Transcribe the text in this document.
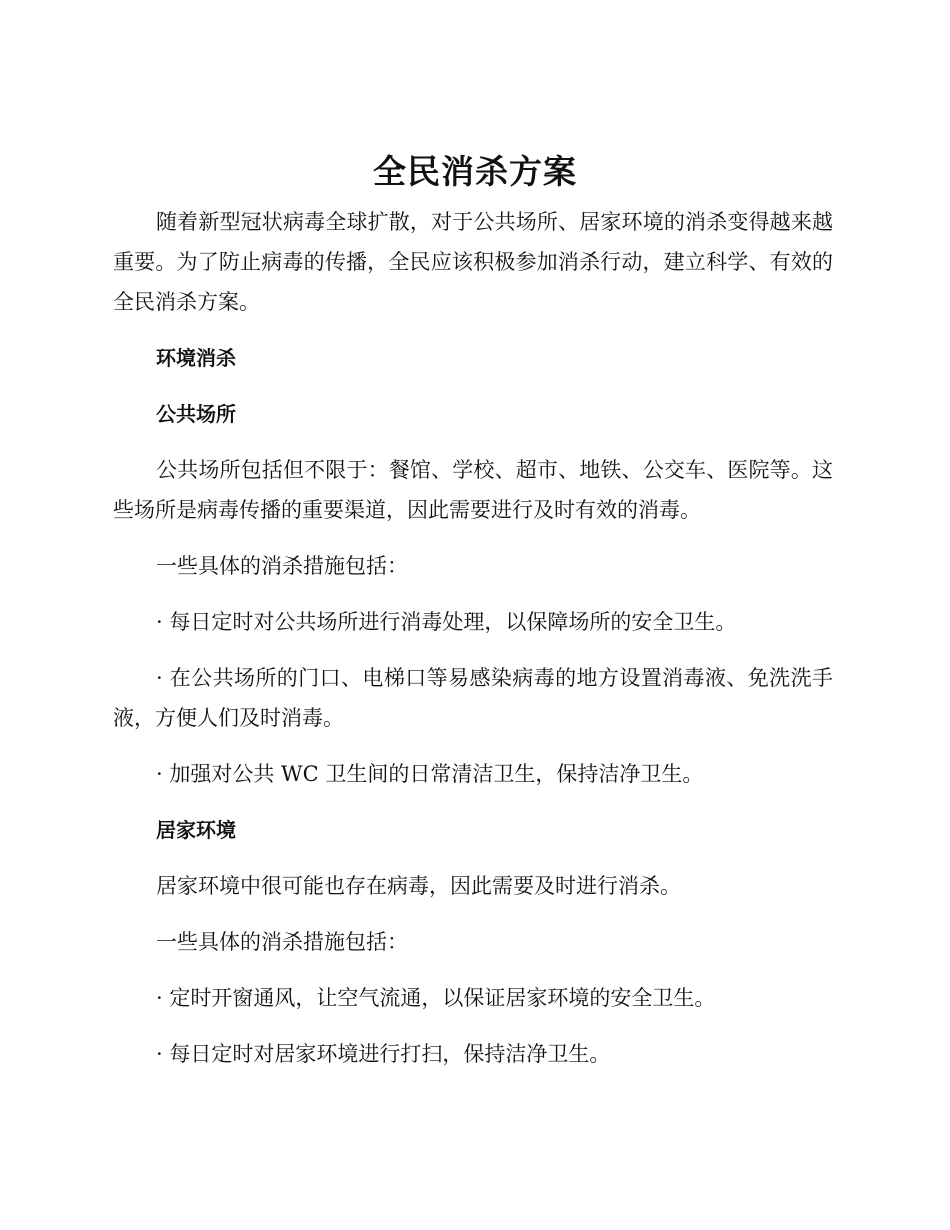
全民消杀方案

随着新型冠状病毒全球扩散，对于公共场所、居家环境的消杀变得越来越重要。为了防止病毒的传播，全民应该积极参加消杀行动，建立科学、有效的全民消杀方案。

环境消杀

公共场所

公共场所包括但不限于：餐馆、学校、超市、地铁、公交车、医院等。这些场所是病毒传播的重要渠道，因此需要进行及时有效的消毒。

一些具体的消杀措施包括：

· 每日定时对公共场所进行消毒处理，以保障场所的安全卫生。

· 在公共场所的门口、电梯口等易感染病毒的地方设置消毒液、免洗洗手液，方便人们及时消毒。

· 加强对公共 WC 卫生间的日常清洁卫生，保持洁净卫生。

居家环境

居家环境中很可能也存在病毒，因此需要及时进行消杀。

一些具体的消杀措施包括：

· 定时开窗通风，让空气流通，以保证居家环境的安全卫生。

· 每日定时对居家环境进行打扫，保持洁净卫生。
